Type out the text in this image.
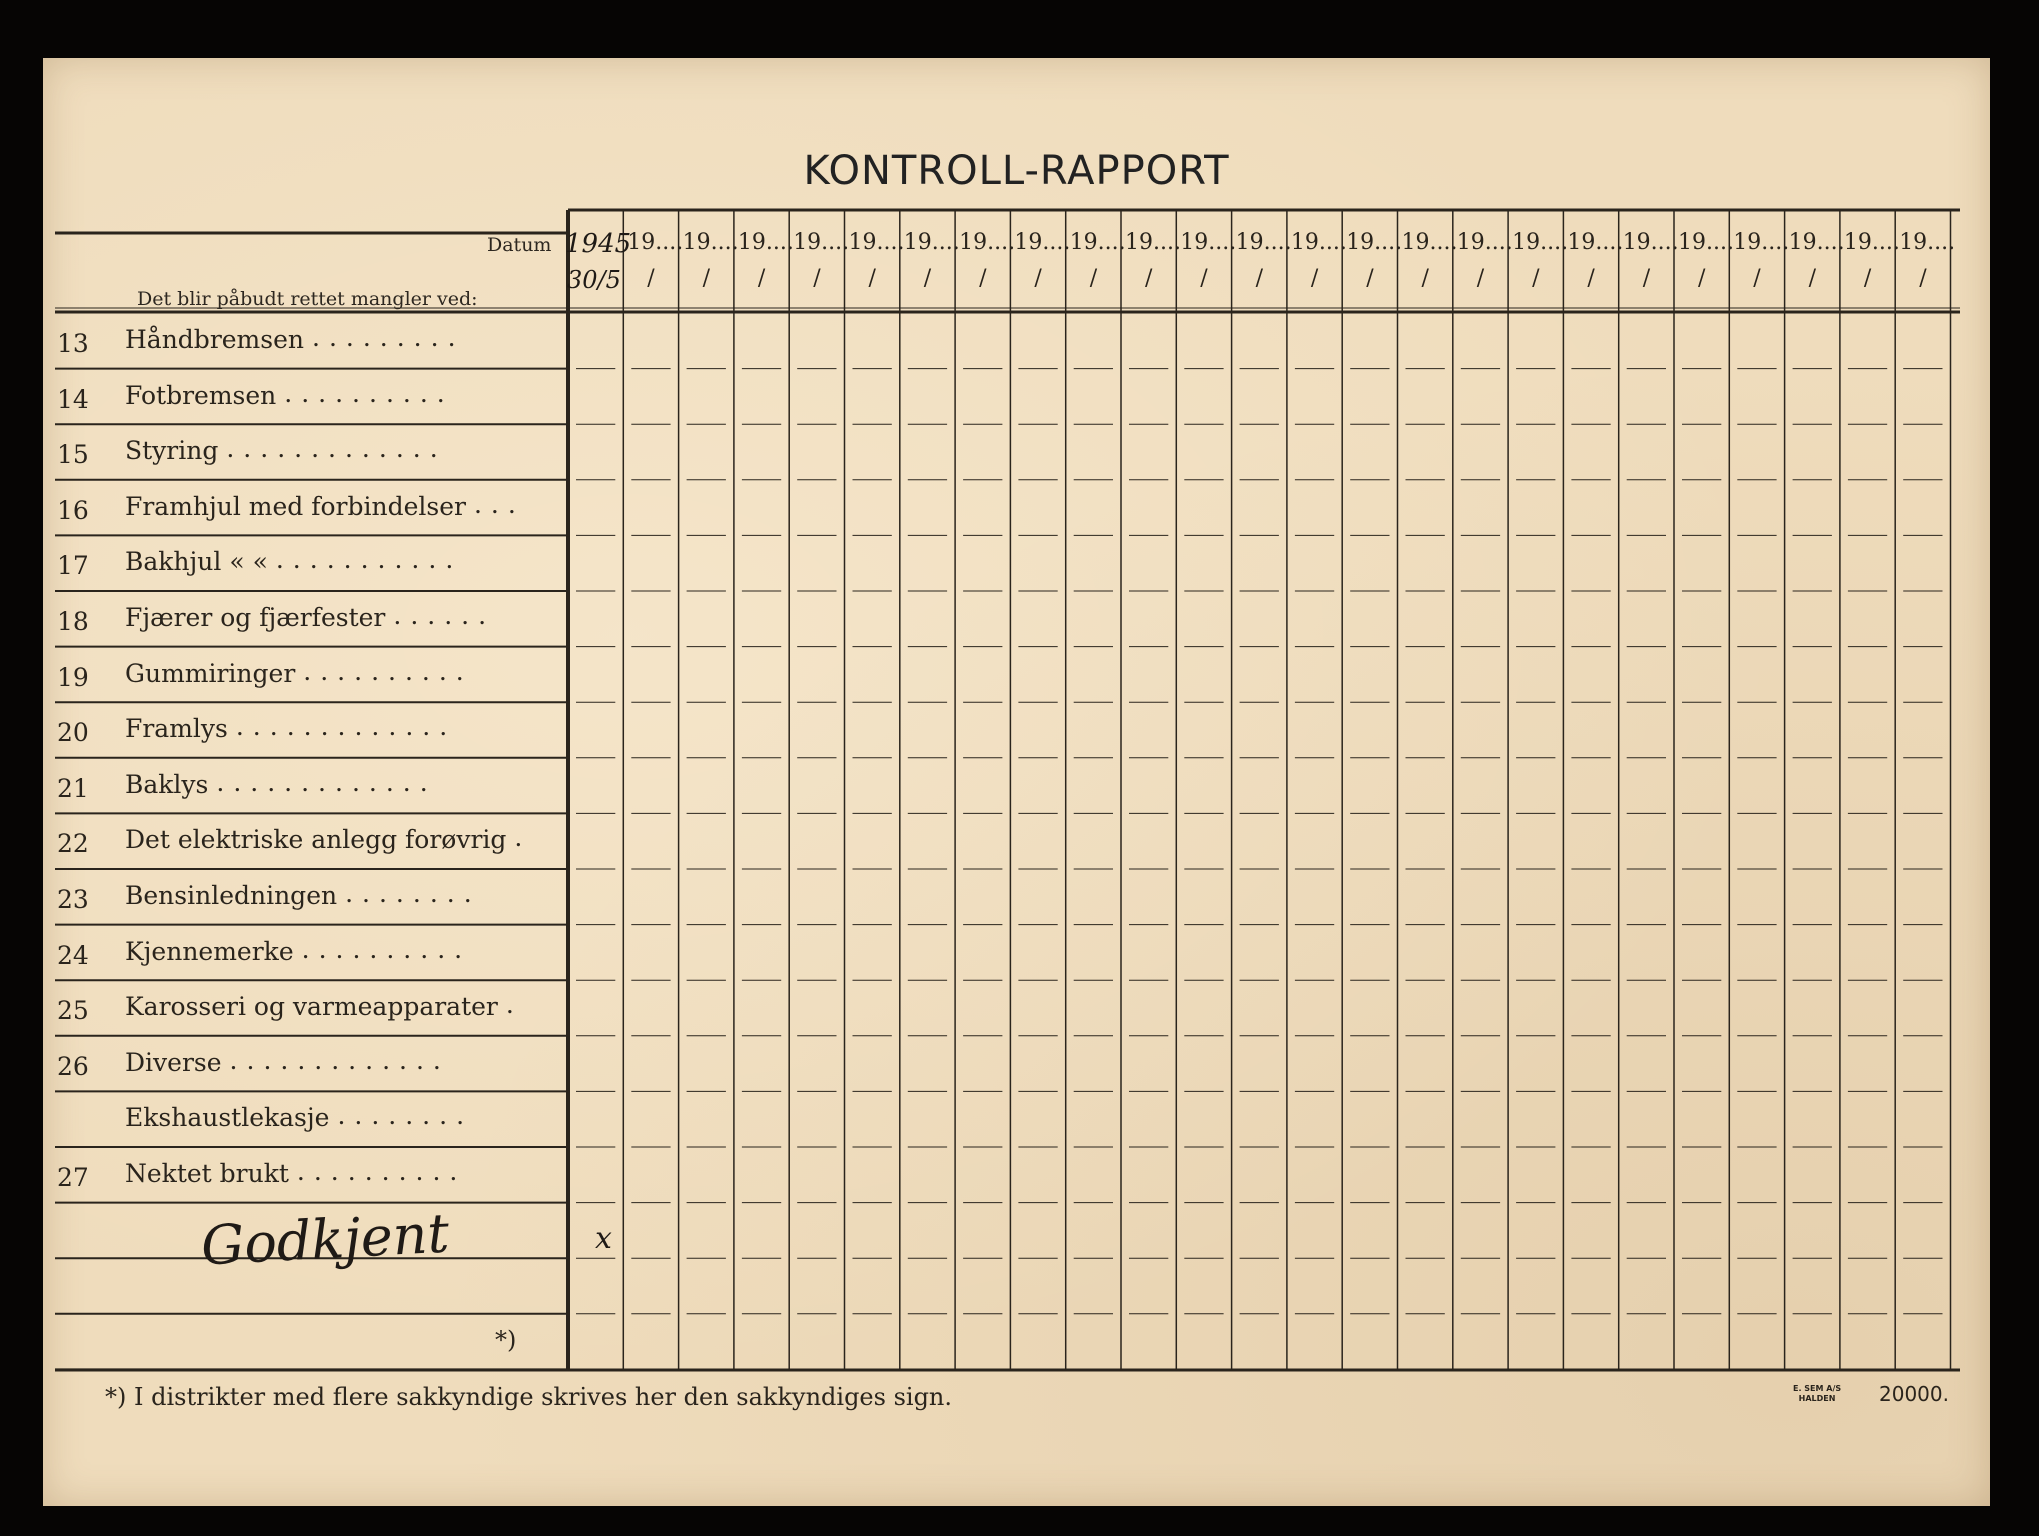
KONTROLL-RAPPORT
Datum
Det blir påbudt rettet mangler ved:
19....
/
19....
/
19....
/
19....
/
19....
/
19....
/
19....
/
19....
/
19....
/
19....
/
19....
/
19....
/
19....
/
19....
/
19....
/
19....
/
19....
/
19....
/
19....
/
19....
/
19....
/
19....
/
19....
/
19....
/
1945
30/5
13 Håndbremsen .........
14 Fotbremsen ..........
15 Styring .............
16 Framhjul med forbindelser ...
17 Bakhjul « « ...........
18 Fjærer og fjærfester ......
19 Gummiringer ..........
20 Framlys .............
21 Baklys .............
22 Det elektriske anlegg forøvrig .
23 Bensinledningen ........
24 Kjennemerke ..........
25 Karosseri og varmeapparater .
26 Diverse .............
Ekshaustlekasje ........
27 Nektet brukt ..........
Godkjent	x
*)
*) I distrikter med flere sakkyndige skrives her den sakkyndiges sign.	E. SEM A/S
HALDEN 20000.
